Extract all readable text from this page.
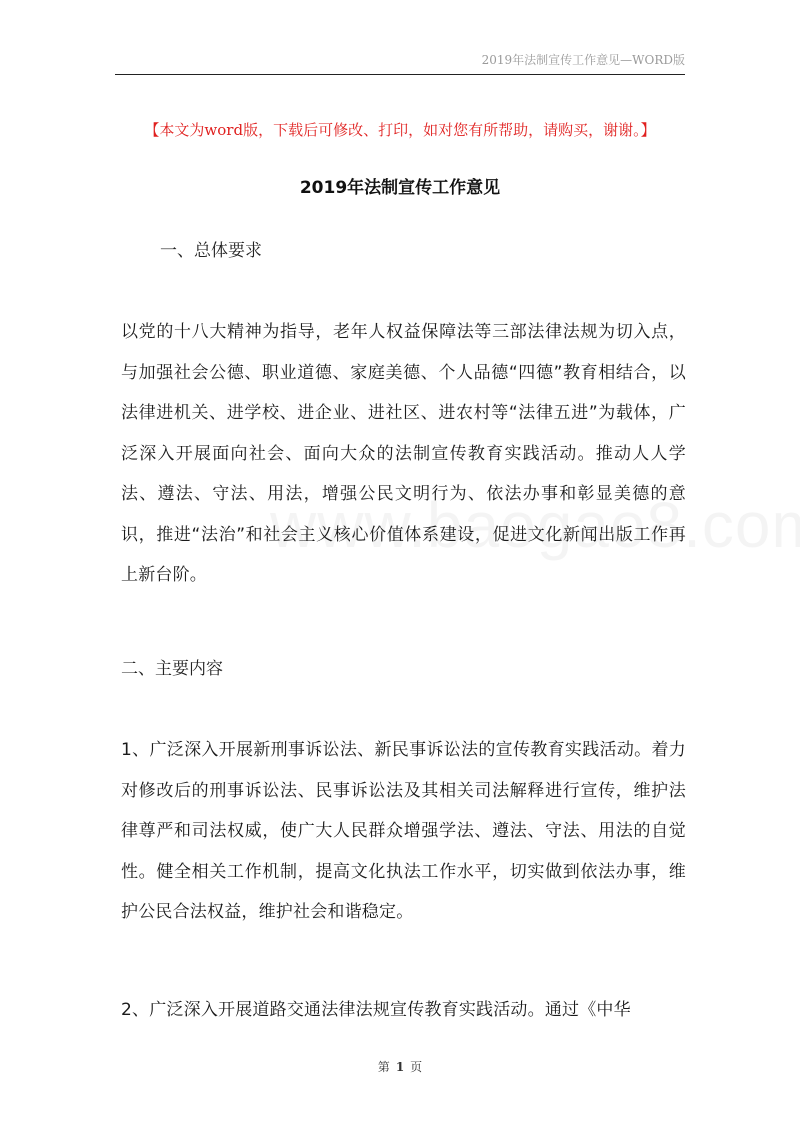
2019年法制宣传工作意见—WORD版
【本文为word版，下载后可修改、打印，如对您有所帮助，请购买，谢谢。】
2019年法制宣传工作意见
一、总体要求
以党的十八大精神为指导，老年人权益保障法等三部法律法规为切入点，与加强社会公德、职业道德、家庭美德、个人品德“四德”教育相结合，以法律进机关、进学校、进企业、进社区、进农村等“法律五进”为载体，广泛深入开展面向社会、面向大众的法制宣传教育实践活动。推动人人学法、遵法、守法、用法，增强公民文明行为、依法办事和彰显美德的意识，推进“法治”和社会主义核心价值体系建设，促进文化新闻出版工作再上新台阶。
二、主要内容
1、广泛深入开展新刑事诉讼法、新民事诉讼法的宣传教育实践活动。着力对修改后的刑事诉讼法、民事诉讼法及其相关司法解释进行宣传，维护法律尊严和司法权威，使广大人民群众增强学法、遵法、守法、用法的自觉性。健全相关工作机制，提高文化执法工作水平，切实做到依法办事，维护公民合法权益，维护社会和谐稳定。
2、广泛深入开展道路交通法律法规宣传教育实践活动。通过《中华
第 1 页
